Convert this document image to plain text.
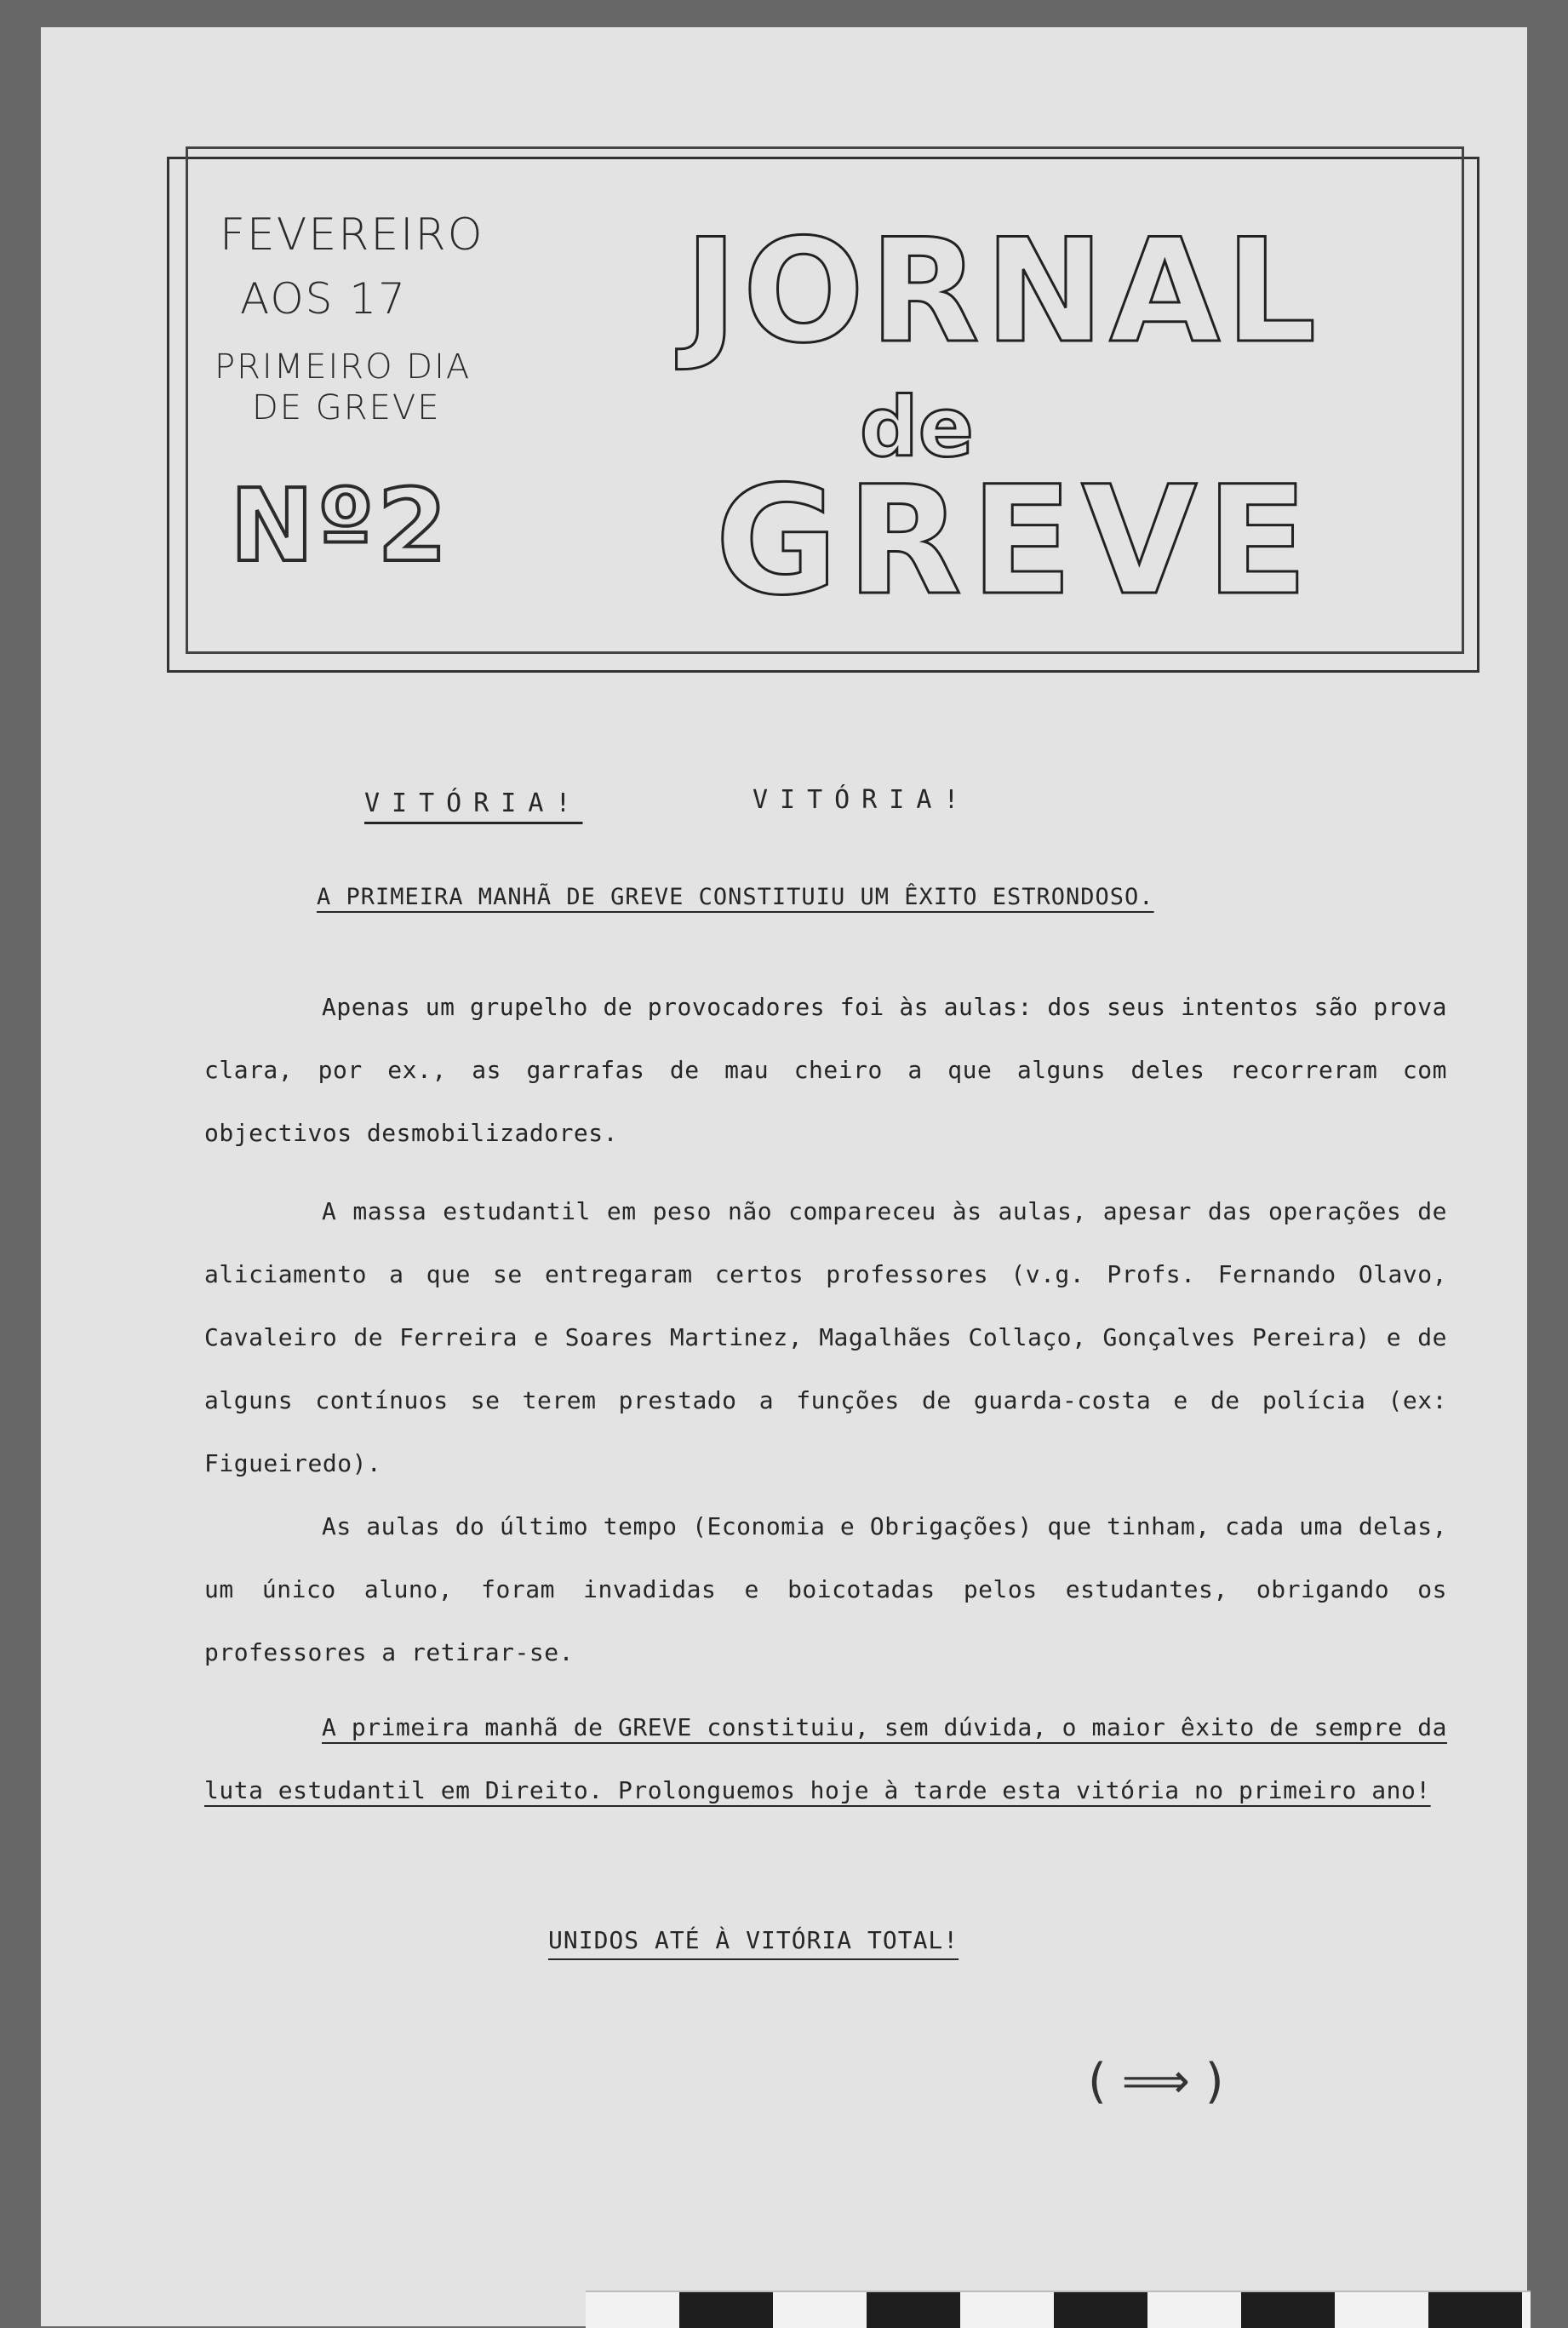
FEVEREIRO
AOS 17
PRIMEIRO DIA
DE GREVE
Nº2
JORNAL
de
GREVE
VITÓRIA!	VITÓRIA!
A PRIMEIRA MANHÃ DE GREVE CONSTITUIU UM ÊXITO ESTRONDOSO.

Apenas um grupelho de provocadores foi às aulas: dos seus intentos são prova clara, por ex., as garrafas de mau cheiro a que alguns deles recorreram com objectivos desmobilizadores.

A massa estudantil em peso não compareceu às aulas, apesar das operações de aliciamento a que se entregaram certos professores (v.g. Profs. Fernando Olavo, Cavaleiro de Ferreira e Soares Martinez, Magalhães Collaço, Gonçalves Pereira) e de alguns contínuos se terem prestado a funções de guarda-costa e de polícia (ex: Figueiredo).

As aulas do último tempo (Economia e Obrigações) que tinham, cada uma delas, um único aluno, foram invadidas e boicotadas pelos estudantes, obrigando os professores a retirar-se.

A primeira manhã de GREVE constituiu, sem dúvida, o maior êxito de sempre da luta estudantil em Direito. Prolonguemos hoje à tarde esta vitória no primeiro ano!

UNIDOS ATÉ À VITÓRIA TOTAL!
( ⟹ )
